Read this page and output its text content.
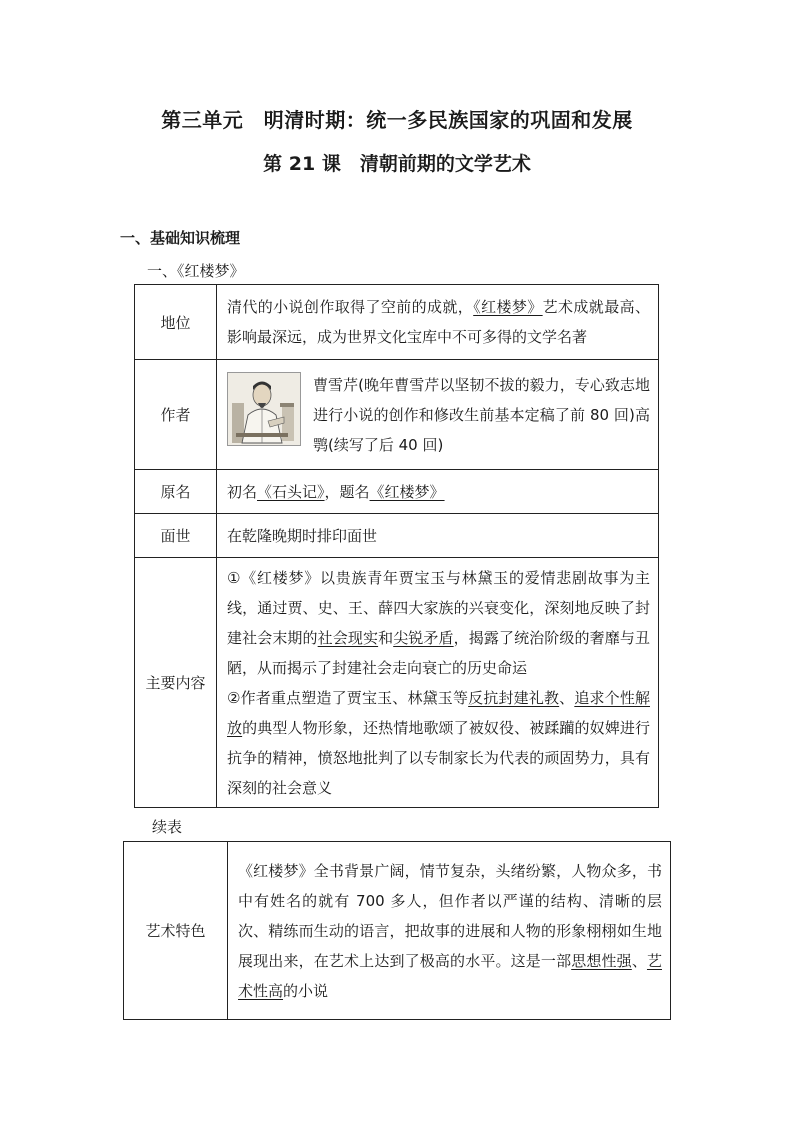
第三单元　明清时期：统一多民族国家的巩固和发展
第 21 课　清朝前期的文学艺术
一、基础知识梳理
一、《红楼梦》
地位	清代的小说创作取得了空前的成就，《红楼梦》艺术成就最高、影响最深远，成为世界文化宝库中不可多得的文学名著
作者	曹雪芹(晚年曹雪芹以坚韧不拔的毅力，专心致志地进行小说的创作和修改生前基本定稿了前 80 回)高鹗(续写了后 40 回)
原名	初名《石头记》，题名《红楼梦》
面世	在乾隆晚期时排印面世
主要内容	①《红楼梦》以贵族青年贾宝玉与林黛玉的爱情悲剧故事为主线，通过贾、史、王、薛四大家族的兴衰变化，深刻地反映了封建社会末期的社会现实和尖锐矛盾，揭露了统治阶级的奢靡与丑陋，从而揭示了封建社会走向衰亡的历史命运
②作者重点塑造了贾宝玉、林黛玉等反抗封建礼教、追求个性解放的典型人物形象，还热情地歌颂了被奴役、被蹂躏的奴婢进行抗争的精神，愤怒地批判了以专制家长为代表的顽固势力，具有深刻的社会意义
续表
艺术特色	《红楼梦》全书背景广阔，情节复杂，头绪纷繁，人物众多，书中有姓名的就有 700 多人，但作者以严谨的结构、清晰的层次、精练而生动的语言，把故事的进展和人物的形象栩栩如生地展现出来，在艺术上达到了极高的水平。这是一部思想性强、艺术性高的小说
